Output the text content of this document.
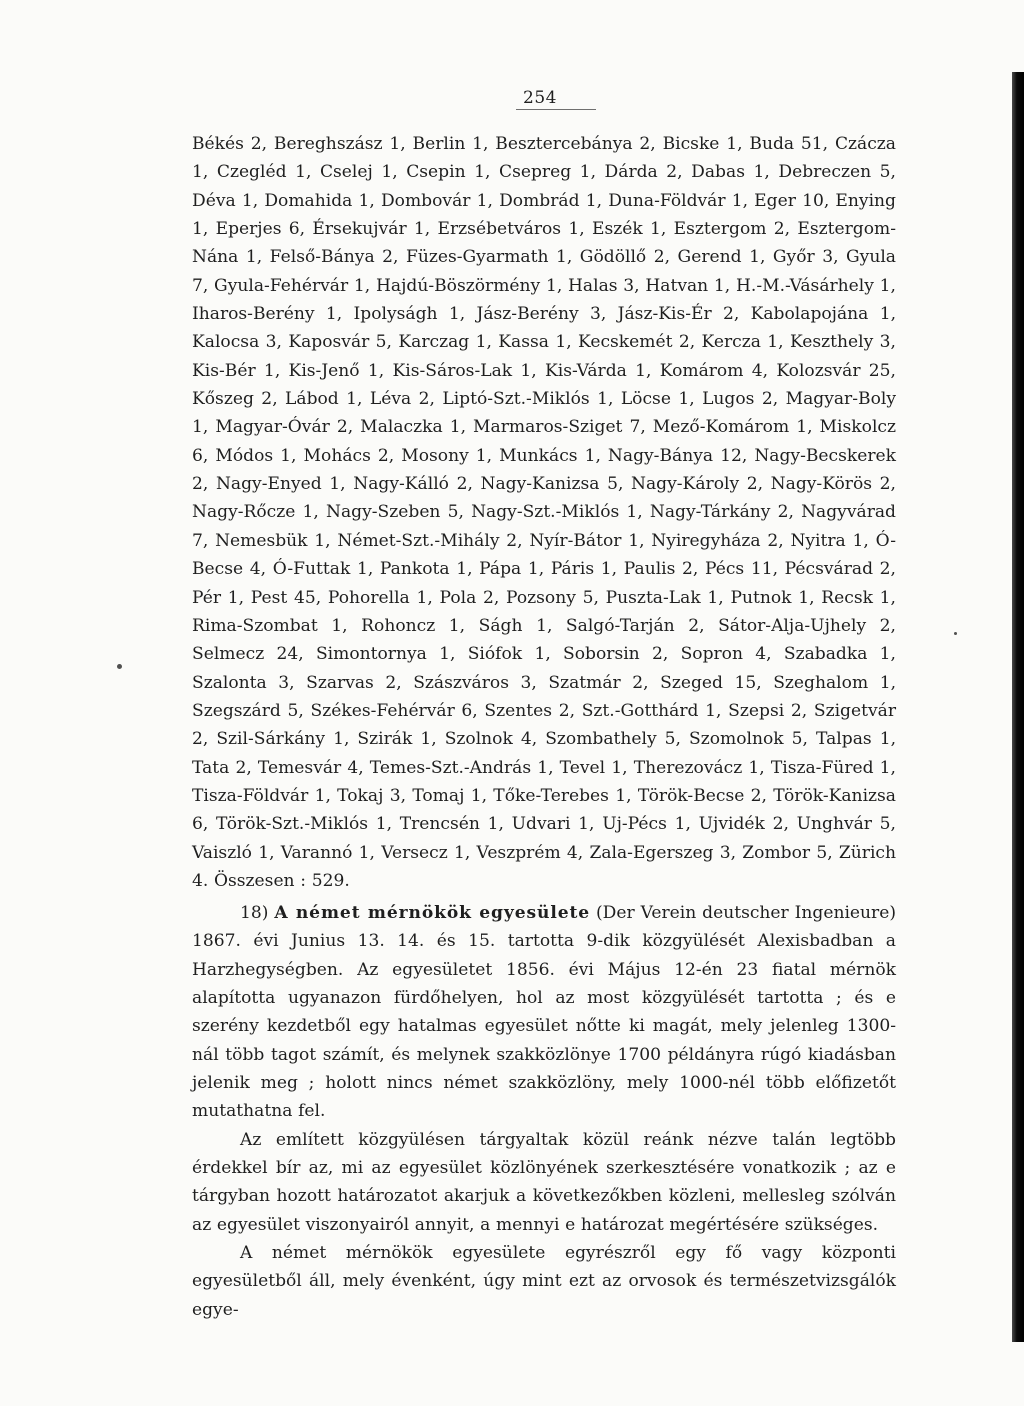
254

Békés 2, Bereghszász 1, Berlin 1, Besztercebánya 2, Bicske 1, Buda 51, Czácza 1, Czegléd 1, Cselej 1, Csepin 1, Csepreg 1, Dárda 2, Dabas 1, Debreczen 5, Déva 1, Domahida 1, Dombovár 1, Dombrád 1, Duna-Földvár 1, Eger 10, Enying 1, Eperjes 6, Érsekujvár 1, Erzsébetváros 1, Eszék 1, Esztergom 2, Esztergom-Nána 1, Felső-Bánya 2, Füzes-Gyarmath 1, Gödöllő 2, Gerend 1, Győr 3, Gyula 7, Gyula-Fehérvár 1, Hajdú-Böszörmény 1, Halas 3, Hatvan 1, H.-M.-Vásárhely 1, Iharos-Berény 1, Ipolyságh 1, Jász-Berény 3, Jász-Kis-Ér 2, Kabolapojána 1, Kalocsa 3, Kaposvár 5, Karczag 1, Kassa 1, Kecskemét 2, Kercza 1, Keszthely 3, Kis-Bér 1, Kis-Jenő 1, Kis-Sáros-Lak 1, Kis-Várda 1, Komárom 4, Kolozsvár 25, Kőszeg 2, Lábod 1, Léva 2, Liptó-Szt.-Miklós 1, Löcse 1, Lugos 2, Magyar-Boly 1, Magyar-Óvár 2, Malaczka 1, Marmaros-Sziget 7, Mező-Komárom 1, Miskolcz 6, Módos 1, Mohács 2, Mosony 1, Munkács 1, Nagy-Bánya 12, Nagy-Becskerek 2, Nagy-Enyed 1, Nagy-Kálló 2, Nagy-Kanizsa 5, Nagy-Károly 2, Nagy-Körös 2, Nagy-Rőcze 1, Nagy-Szeben 5, Nagy-Szt.-Miklós 1, Nagy-Tárkány 2, Nagyvárad 7, Nemesbük 1, Német-Szt.-Mihály 2, Nyír-Bátor 1, Nyiregyháza 2, Nyitra 1, Ó-Becse 4, Ó-Futtak 1, Pankota 1, Pápa 1, Páris 1, Paulis 2, Pécs 11, Pécsvárad 2, Pér 1, Pest 45, Pohorella 1, Pola 2, Pozsony 5, Puszta-Lak 1, Putnok 1, Recsk 1, Rima-Szombat 1, Rohoncz 1, Ságh 1, Salgó-Tarján 2, Sátor-Alja-Ujhely 2, Selmecz 24, Simontornya 1, Siófok 1, Soborsin 2, Sopron 4, Szabadka 1, Szalonta 3, Szarvas 2, Szászváros 3, Szatmár 2, Szeged 15, Szeghalom 1, Szegszárd 5, Székes-Fehérvár 6, Szentes 2, Szt.-Gotthárd 1, Szepsi 2, Szigetvár 2, Szil-Sárkány 1, Szirák 1, Szolnok 4, Szombathely 5, Szomolnok 5, Talpas 1, Tata 2, Temesvár 4, Temes-Szt.-András 1, Tevel 1, Therezovácz 1, Tisza-Füred 1, Tisza-Földvár 1, Tokaj 3, Tomaj 1, Tőke-Terebes 1, Török-Becse 2, Török-Kanizsa 6, Török-Szt.-Miklós 1, Trencsén 1, Udvari 1, Uj-Pécs 1, Ujvidék 2, Unghvár 5, Vaiszló 1, Varannó 1, Versecz 1, Veszprém 4, Zala-Egerszeg 3, Zombor 5, Zürich 4. Összesen : 529.

18) A német mérnökök egyesülete (Der Verein deutscher Ingenieure) 1867. évi Junius 13. 14. és 15. tartotta 9-dik közgyülését Alexisbadban a Harzhegységben. Az egyesületet 1856. évi Május 12-én 23 fiatal mérnök alapította ugyanazon fürdőhelyen, hol az most közgyülését tartotta ; és e szerény kezdetből egy hatalmas egyesület nőtte ki magát, mely jelenleg 1300-nál több tagot számít, és melynek szakközlönye 1700 példányra rúgó kiadásban jelenik meg ; holott nincs német szakközlöny, mely 1000-nél több előfizetőt mutathatna fel.

Az említett közgyülésen tárgyaltak közül reánk nézve talán legtöbb érdekkel bír az, mi az egyesület közlönyének szerkesztésére vonatkozik ; az e tárgyban hozott határozatot akarjuk a következőkben közleni, mellesleg szólván az egyesület viszonyairól annyit, a mennyi e határozat megértésére szükséges.

A német mérnökök egyesülete egyrészről egy fő vagy központi egyesületből áll, mely évenként, úgy mint ezt az orvosok és természetvizsgálók egye-
